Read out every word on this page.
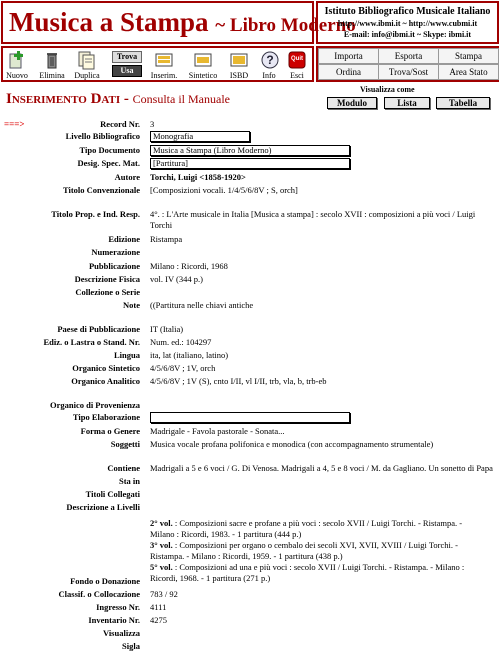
Musica a Stampa ~ Libro Moderno
Istituto Bibliografico Musicale Italiano
http://www.ibmi.it ~ http://www.cubmi.it
E-mail: info@ibmi.it ~ Skype: ibmi.it
Nuovo Elimina Duplica
Trova
Usa
Inserim.	Sintetico	ISBD
?
Info
Quit
Esci
Importa	Esporta	Stampa
Ordina	Trova/Sost	Area Stato
Inserimento Dati - Consulta il Manuale
Visualizza come
Modulo	Lista	Tabella
===>	Record Nr. 3
Livello Bibliografico	Monografia
Tipo Documento	Musica a Stampa (Libro Moderno)
Desig. Spec. Mat.	[Partitura]
Autore Torchi, Luigi <1858-1920>
Titolo Convenzionale [Composizioni vocali. 1/4/5/6/8V ; S, orch]
Titolo Prop. e Ind. Resp. 4°. : L'Arte musicale in Italia [Musica a stampa] : secolo XVII : composizioni a più voci / Luigi Torchi
Edizione Ristampa
Numerazione
Pubblicazione Milano : Ricordi, 1968
Descrizione Fisica vol. IV (344 p.)
Collezione o Serie
Note ((Partitura nelle chiavi antiche
Paese di Pubblicazione IT (Italia)
Ediz. o Lastra o Stand. Nr. Num. ed.: 104297
Lingua ita, lat (italiano, latino)
Organico Sintetico 4/5/6/8V ; 1V, orch
Organico Analitico 4/5/6/8V ; 1V (S), cnto I/II, vl I/II, trb, vla, b, trb-eb
Organico di Provenienza
Tipo Elaborazione
Forma o Genere Madrigale - Favola pastorale - Sonata...
Soggetti Musica vocale profana polifonica e monodica (con accompagnamento strumentale)
Contiene Madrigali a 5 e 6 voci / G. Di Venosa. Madrigali a 4, 5 e 8 voci / M. da Gagliano. Un sonetto di Papa
Sta in
Titoli Collegati
Descrizione a Livelli
2° vol. : Composizioni sacre e profane a più voci : secolo XVII / Luigi Torchi. - Ristampa. - Milano : Ricordi, 1983. - 1 partitura (444 p.)
3° vol. : Composizioni per organo o cembalo dei secoli XVI, XVII, XVIII / Luigi Torchi. - Ristampa. - Milano : Ricordi, 1959. - 1 partitura (438 p.)
5° vol. : Composizioni ad una e più voci : secolo XVII / Luigi Torchi. - Ristampa. - Milano : Ricordi, 1968. - 1 partitura (271 p.)
Fondo o Donazione
Classif. o Collocazione 783 / 92
Ingresso Nr. 4111
Inventario Nr. 4275
Visualizza
Sigla
